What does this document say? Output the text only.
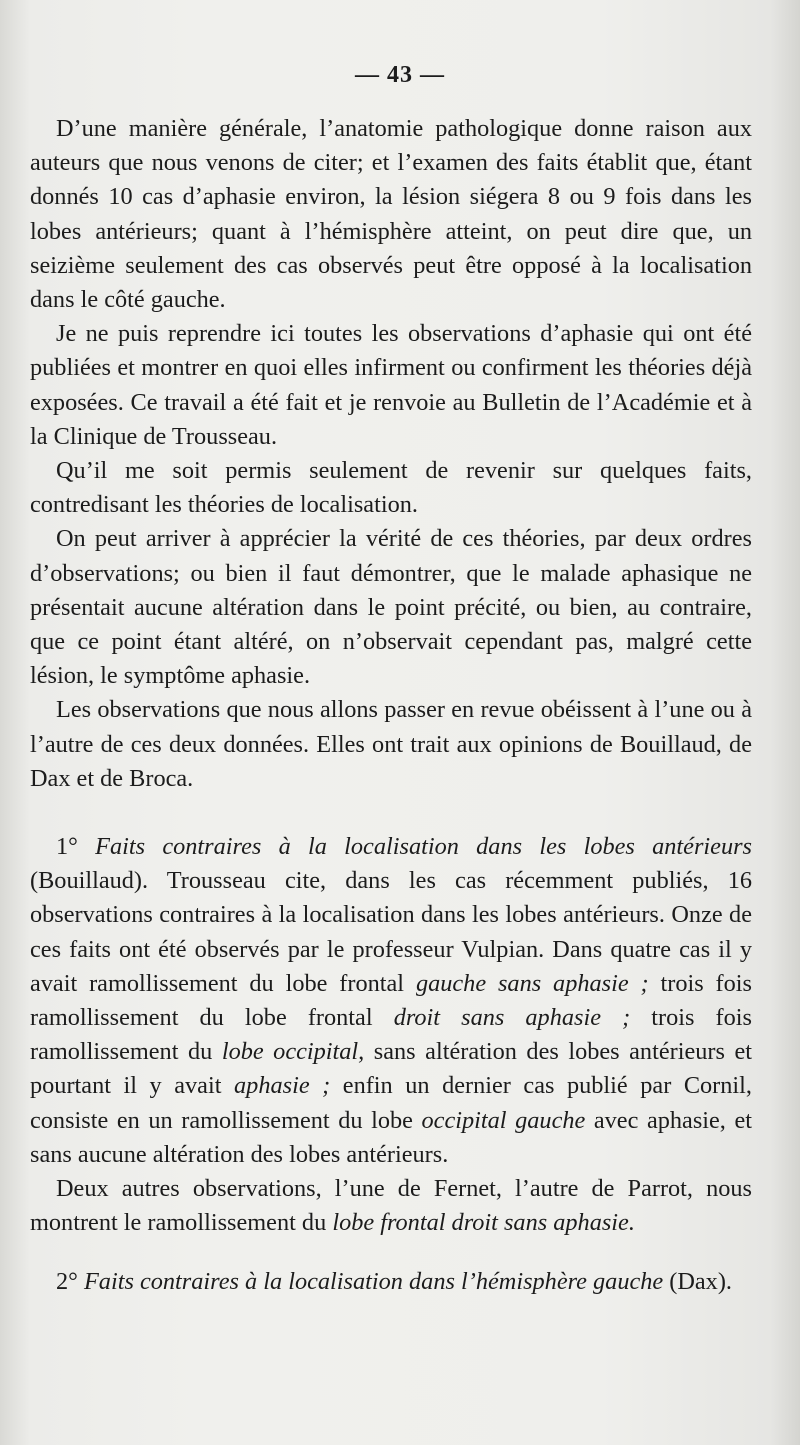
— 43 —

D’une manière générale, l’anatomie pathologique donne raison aux auteurs que nous venons de citer; et l’examen des faits établit que, étant donnés 10 cas d’aphasie environ, la lésion siégera 8 ou 9 fois dans les lobes antérieurs; quant à l’hémisphère atteint, on peut dire que, un seizième seulement des cas observés peut être opposé à la localisation dans le côté gauche.

Je ne puis reprendre ici toutes les observations d’aphasie qui ont été publiées et montrer en quoi elles infirment ou confirment les théories déjà exposées. Ce travail a été fait et je renvoie au Bulletin de l’Académie et à la Clinique de Trousseau.

Qu’il me soit permis seulement de revenir sur quelques faits, contredisant les théories de localisation.

On peut arriver à apprécier la vérité de ces théories, par deux ordres d’observations; ou bien il faut démontrer, que le malade aphasique ne présentait aucune altération dans le point précité, ou bien, au contraire, que ce point étant altéré, on n’observait cependant pas, malgré cette lésion, le symptôme aphasie.

Les observations que nous allons passer en revue obéissent à l’une ou à l’autre de ces deux données. Elles ont trait aux opinions de Bouillaud, de Dax et de Broca.

1° Faits contraires à la localisation dans les lobes antérieurs (Bouillaud). Trousseau cite, dans les cas récemment publiés, 16 observations contraires à la localisation dans les lobes antérieurs. Onze de ces faits ont été observés par le professeur Vulpian. Dans quatre cas il y avait ramollissement du lobe frontal gauche sans aphasie ; trois fois ramollissement du lobe frontal droit sans aphasie ; trois fois ramollissement du lobe occipital, sans altération des lobes antérieurs et pourtant il y avait aphasie ; enfin un dernier cas publié par Cornil, consiste en un ramollissement du lobe occipital gauche avec aphasie, et sans aucune altération des lobes antérieurs.

Deux autres observations, l’une de Fernet, l’autre de Parrot, nous montrent le ramollissement du lobe frontal droit sans aphasie.

2° Faits contraires à la localisation dans l’hémisphère gauche (Dax).
